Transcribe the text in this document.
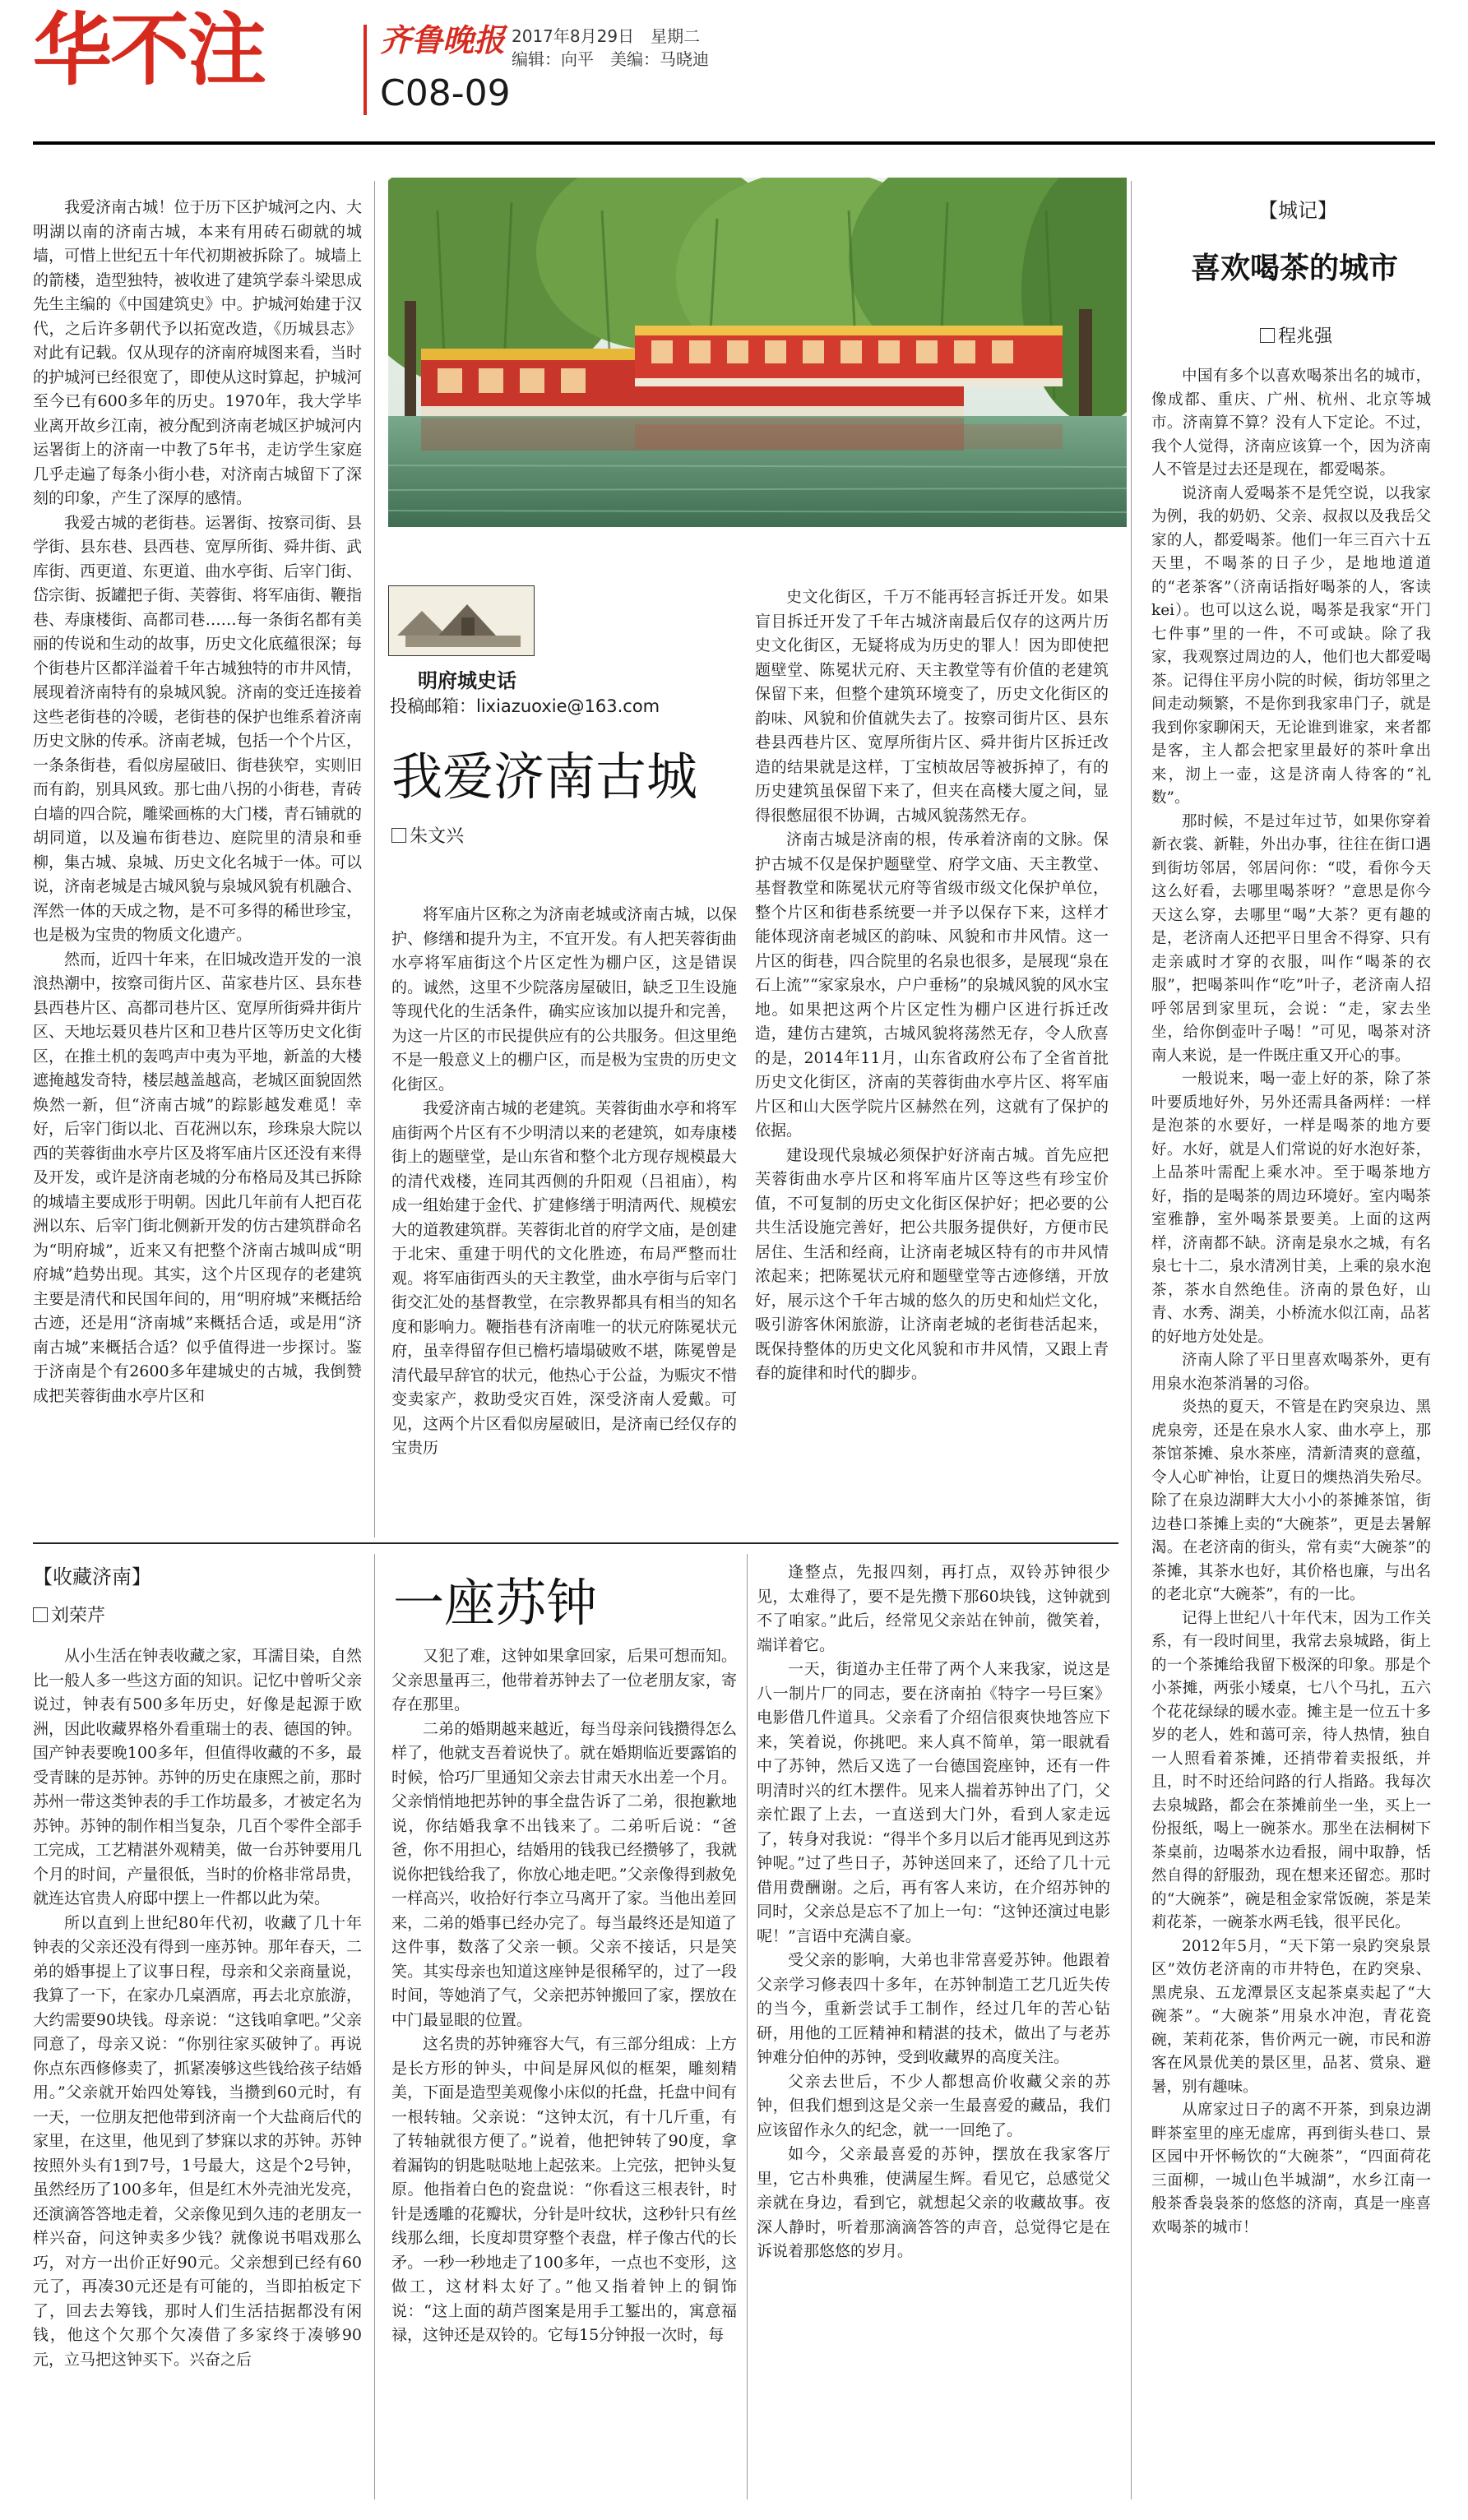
华不注	齐鲁晚报 2017年8月29日　星期二
编辑：向平　美编：马晓迪
C08-09
明府城史话
投稿邮箱：lixiazuoxie@163.com
我爱济南古城
朱文兴

我爱济南古城！位于历下区护城河之内、大明湖以南的济南古城，本来有用砖石砌就的城墙，可惜上世纪五十年代初期被拆除了。城墙上的箭楼，造型独特，被收进了建筑学泰斗梁思成先生主编的《中国建筑史》中。护城河始建于汉代，之后许多朝代予以拓宽改造，《历城县志》对此有记载。仅从现存的济南府城图来看，当时的护城河已经很宽了，即使从这时算起，护城河至今已有600多年的历史。1970年，我大学毕业离开故乡江南，被分配到济南老城区护城河内运署街上的济南一中教了5年书，走访学生家庭几乎走遍了每条小街小巷，对济南古城留下了深刻的印象，产生了深厚的感情。

我爱古城的老街巷。运署街、按察司街、县学街、县东巷、县西巷、宽厚所街、舜井街、武库街、西更道、东更道、曲水亭街、后宰门街、岱宗街、扳罐把子街、芙蓉街、将军庙街、鞭指巷、寿康楼街、高都司巷……每一条街名都有美丽的传说和生动的故事，历史文化底蕴很深；每个街巷片区都洋溢着千年古城独特的市井风情，展现着济南特有的泉城风貌。济南的变迁连接着这些老街巷的冷暖，老街巷的保护也维系着济南历史文脉的传承。济南老城，包括一个个片区，一条条街巷，看似房屋破旧、街巷狭窄，实则旧而有韵，别具风致。那七曲八拐的小街巷，青砖白墙的四合院，雕梁画栋的大门楼，青石铺就的胡同道，以及遍布街巷边、庭院里的清泉和垂柳，集古城、泉城、历史文化名城于一体。可以说，济南老城是古城风貌与泉城风貌有机融合、浑然一体的天成之物，是不可多得的稀世珍宝，也是极为宝贵的物质文化遗产。

然而，近四十年来，在旧城改造开发的一浪浪热潮中，按察司街片区、苗家巷片区、县东巷县西巷片区、高都司巷片区、宽厚所街舜井街片区、天地坛聂贝巷片区和卫巷片区等历史文化街区，在推土机的轰鸣声中夷为平地，新盖的大楼遮掩越发奇特，楼层越盖越高，老城区面貌固然焕然一新，但“济南古城”的踪影越发难觅！幸好，后宰门街以北、百花洲以东，珍珠泉大院以西的芙蓉街曲水亭片区及将军庙片区还没有来得及开发，或许是济南老城的分布格局及其已拆除的城墙主要成形于明朝。因此几年前有人把百花洲以东、后宰门街北侧新开发的仿古建筑群命名为“明府城”，近来又有把整个济南古城叫成“明府城”趋势出现。其实，这个片区现存的老建筑主要是清代和民国年间的，用“明府城”来概括给古迹，还是用“济南城”来概括合适，或是用“济南古城”来概括合适？似乎值得进一步探讨。鉴于济南是个有2600多年建城史的古城，我倒赞成把芙蓉街曲水亭片区和

将军庙片区称之为济南老城或济南古城，以保护、修缮和提升为主，不宜开发。有人把芙蓉街曲水亭将军庙街这个片区定性为棚户区，这是错误的。诚然，这里不少院落房屋破旧，缺乏卫生设施等现代化的生活条件，确实应该加以提升和完善，为这一片区的市民提供应有的公共服务。但这里绝不是一般意义上的棚户区，而是极为宝贵的历史文化街区。

我爱济南古城的老建筑。芙蓉街曲水亭和将军庙街两个片区有不少明清以来的老建筑，如寿康楼街上的题壁堂，是山东省和整个北方现存规模最大的清代戏楼，连同其西侧的升阳观（吕祖庙），构成一组始建于金代、扩建修缮于明清两代、规模宏大的道教建筑群。芙蓉街北首的府学文庙，是创建于北宋、重建于明代的文化胜迹，布局严整而壮观。将军庙街西头的天主教堂，曲水亭街与后宰门街交汇处的基督教堂，在宗教界都具有相当的知名度和影响力。鞭指巷有济南唯一的状元府陈冕状元府，虽幸得留存但已檐朽墙塌破败不堪，陈冕曾是清代最早辞官的状元，他热心于公益，为赈灾不惜变卖家产，救助受灾百姓，深受济南人爱戴。可见，这两个片区看似房屋破旧，是济南已经仅存的宝贵历

史文化街区，千万不能再轻言拆迁开发。如果盲目拆迁开发了千年古城济南最后仅存的这两片历史文化街区，无疑将成为历史的罪人！因为即使把题壁堂、陈冕状元府、天主教堂等有价值的老建筑保留下来，但整个建筑环境变了，历史文化街区的韵味、风貌和价值就失去了。按察司街片区、县东巷县西巷片区、宽厚所街片区、舜井街片区拆迁改造的结果就是这样，丁宝桢故居等被拆掉了，有的历史建筑虽保留下来了，但夹在高楼大厦之间，显得很憋屈很不协调，古城风貌荡然无存。

济南古城是济南的根，传承着济南的文脉。保护古城不仅是保护题壁堂、府学文庙、天主教堂、基督教堂和陈冕状元府等省级市级文化保护单位，整个片区和街巷系统要一并予以保存下来，这样才能体现济南老城区的韵味、风貌和市井风情。这一片区的街巷，四合院里的名泉也很多，是展现“泉在石上流”“家家泉水，户户垂杨”的泉城风貌的风水宝地。如果把这两个片区定性为棚户区进行拆迁改造，建仿古建筑，古城风貌将荡然无存，令人欣喜的是，2014年11月，山东省政府公布了全省首批历史文化街区，济南的芙蓉街曲水亭片区、将军庙片区和山大医学院片区赫然在列，这就有了保护的依据。

建设现代泉城必须保护好济南古城。首先应把芙蓉街曲水亭片区和将军庙片区等这些有珍宝价值，不可复制的历史文化街区保护好；把必要的公共生活设施完善好，把公共服务提供好，方便市民居住、生活和经商，让济南老城区特有的市井风情浓起来；把陈冕状元府和题壁堂等古迹修缮，开放好，展示这个千年古城的悠久的历史和灿烂文化，吸引游客休闲旅游，让济南老城的老街巷活起来，既保持整体的历史文化风貌和市井风情，又跟上青春的旋律和时代的脚步。

【城记】
喜欢喝茶的城市
程兆强

中国有多个以喜欢喝茶出名的城市，像成都、重庆、广州、杭州、北京等城市。济南算不算？没有人下定论。不过，我个人觉得，济南应该算一个，因为济南人不管是过去还是现在，都爱喝茶。

说济南人爱喝茶不是凭空说，以我家为例，我的奶奶、父亲、叔叔以及我岳父家的人，都爱喝茶。他们一年三百六十五天里，不喝茶的日子少，是地地道道的“老茶客”（济南话指好喝茶的人，客读kei）。也可以这么说，喝茶是我家“开门七件事”里的一件，不可或缺。除了我家，我观察过周边的人，他们也大都爱喝茶。记得住平房小院的时候，街坊邻里之间走动频繁，不是你到我家串门子，就是我到你家聊闲天，无论谁到谁家，来者都是客，主人都会把家里最好的茶叶拿出来，沏上一壶，这是济南人待客的“礼数”。

那时候，不是过年过节，如果你穿着新衣裳、新鞋，外出办事，往往在街口遇到街坊邻居，邻居问你：“哎，看你今天这么好看，去哪里喝茶呀？”意思是你今天这么穿，去哪里“喝”大茶？更有趣的是，老济南人还把平日里舍不得穿、只有走亲戚时才穿的衣服，叫作“喝茶的衣服”，把喝茶叫作“吃”叶子，老济南人招呼邻居到家里玩，会说：“走，家去坐坐，给你倒壶叶子喝！”可见，喝茶对济南人来说，是一件既庄重又开心的事。

一般说来，喝一壶上好的茶，除了茶叶要质地好外，另外还需具备两样：一样是泡茶的水要好，一样是喝茶的地方要好。水好，就是人们常说的好水泡好茶，上品茶叶需配上乘水冲。至于喝茶地方好，指的是喝茶的周边环境好。室内喝茶室雅静，室外喝茶景要美。上面的这两样，济南都不缺。济南是泉水之城，有名泉七十二，泉水清冽甘美，上乘的泉水泡茶，茶水自然绝佳。济南的景色好，山青、水秀、湖美，小桥流水似江南，品茗的好地方处处是。

济南人除了平日里喜欢喝茶外，更有用泉水泡茶消暑的习俗。

炎热的夏天，不管是在趵突泉边、黑虎泉旁，还是在泉水人家、曲水亭上，那茶馆茶摊、泉水茶座，清新清爽的意蕴，令人心旷神怡，让夏日的燠热消失殆尽。除了在泉边湖畔大大小小的茶摊茶馆，街边巷口茶摊上卖的“大碗茶”，更是去暑解渴。在老济南的街头，常有卖“大碗茶”的茶摊，其茶水也好，其价格也廉，与出名的老北京“大碗茶”，有的一比。

记得上世纪八十年代末，因为工作关系，有一段时间里，我常去泉城路，街上的一个茶摊给我留下极深的印象。那是个小茶摊，两张小矮桌，七八个马扎，五六个花花绿绿的暖水壶。摊主是一位五十多岁的老人，姓和蔼可亲，待人热情，独自一人照看着茶摊，还捎带着卖报纸，并且，时不时还给问路的行人指路。我每次去泉城路，都会在茶摊前坐一坐，买上一份报纸，喝上一碗茶水。那坐在法桐树下茶桌前，边喝茶水边看报，闹中取静，恬然自得的舒服劲，现在想来还留恋。那时的“大碗茶”，碗是租金家常饭碗，茶是茉莉花茶，一碗茶水两毛钱，很平民化。

2012年5月，“天下第一泉趵突泉景区”效仿老济南的市井特色，在趵突泉、黑虎泉、五龙潭景区支起茶桌卖起了“大碗茶”。“大碗茶”用泉水冲泡，青花瓷碗，茉莉花茶，售价两元一碗，市民和游客在风景优美的景区里，品茗、赏泉、避暑，别有趣味。

从席家过日子的离不开茶，到泉边湖畔茶室里的座无虚席，再到街头巷口、景区园中开怀畅饮的“大碗茶”，“四面荷花三面柳，一城山色半城湖”，水乡江南一般茶香袅袅茶的悠悠的济南，真是一座喜欢喝茶的城市！

【收藏济南】
刘荣芹	一座苏钟

从小生活在钟表收藏之家，耳濡目染，自然比一般人多一些这方面的知识。记忆中曾听父亲说过，钟表有500多年历史，好像是起源于欧洲，因此收藏界格外看重瑞士的表、德国的钟。国产钟表要晚100多年，但值得收藏的不多，最受青睐的是苏钟。苏钟的历史在康熙之前，那时苏州一带这类钟表的手工作坊最多，才被定名为苏钟。苏钟的制作相当复杂，几百个零件全部手工完成，工艺精湛外观精美，做一台苏钟要用几个月的时间，产量很低，当时的价格非常昂贵，就连达官贵人府邸中摆上一件都以此为荣。

所以直到上世纪80年代初，收藏了几十年钟表的父亲还没有得到一座苏钟。那年春天，二弟的婚事提上了议事日程，母亲和父亲商量说，我算了一下，在家办几桌酒席，再去北京旅游，大约需要90块钱。母亲说：“这钱咱拿吧。”父亲同意了，母亲又说：“你别往家买破钟了。再说你点东西修修卖了，抓紧凑够这些钱给孩子结婚用。”父亲就开始四处筹钱，当攒到60元时，有一天，一位朋友把他带到济南一个大盐商后代的家里，在这里，他见到了梦寐以求的苏钟。苏钟按照外头有1到7号，1号最大，这是个2号钟，虽然经历了100多年，但是红木外壳油光发亮，还演滴答答地走着，父亲像见到久违的老朋友一样兴奋，问这钟卖多少钱？就像说书唱戏那么巧，对方一出价正好90元。父亲想到已经有60元了，再凑30元还是有可能的，当即拍板定下了，回去去筹钱，那时人们生活拮据都没有闲钱，他这个欠那个欠凑借了多家终于凑够90元，立马把这钟买下。兴奋之后

又犯了难，这钟如果拿回家，后果可想而知。父亲思量再三，他带着苏钟去了一位老朋友家，寄存在那里。

二弟的婚期越来越近，每当母亲问钱攒得怎么样了，他就支吾着说快了。就在婚期临近要露馅的时候，恰巧厂里通知父亲去甘肃天水出差一个月。父亲悄悄地把苏钟的事全盘告诉了二弟，很抱歉地说，你结婚我拿不出钱来了。二弟听后说：“爸爸，你不用担心，结婚用的钱我已经攒够了，我就说你把钱给我了，你放心地走吧。”父亲像得到赦免一样高兴，收拾好行李立马离开了家。当他出差回来，二弟的婚事已经办完了。每当最终还是知道了这件事，数落了父亲一顿。父亲不接话，只是笑笑。其实母亲也知道这座钟是很稀罕的，过了一段时间，等她消了气，父亲把苏钟搬回了家，摆放在中门最显眼的位置。

这名贵的苏钟雍容大气，有三部分组成：上方是长方形的钟头，中间是屏风似的框架，雕刻精美，下面是造型美观像小床似的托盘，托盘中间有一根转轴。父亲说：“这钟太沉，有十几斤重，有了转轴就很方便了。”说着，他把钟转了90度，拿着漏钩的钥匙哒哒地上起弦来。上完弦，把钟头复原。他指着白色的瓷盘说：“你看这三根表针，时针是透雕的花瓣状，分针是叶纹状，这秒针只有丝线那么细，长度却贯穿整个表盘，样子像古代的长矛。一秒一秒地走了100多年，一点也不变形，这做工，这材料太好了。”他又指着钟上的铜饰说：“这上面的葫芦图案是用手工錾出的，寓意福禄，这钟还是双铃的。它每15分钟报一次时，每

逢整点，先报四刻，再打点，双铃苏钟很少见，太难得了，要不是先攒下那60块钱，这钟就到不了咱家。”此后，经常见父亲站在钟前，微笑着，端详着它。

一天，街道办主任带了两个人来我家，说这是八一制片厂的同志，要在济南拍《特字一号巨案》电影借几件道具。父亲看了介绍信很爽快地答应下来，笑着说，你挑吧。来人真不简单，第一眼就看中了苏钟，然后又选了一台德国瓷座钟，还有一件明清时兴的红木摆件。见来人揣着苏钟出了门，父亲忙跟了上去，一直送到大门外，看到人家走远了，转身对我说：“得半个多月以后才能再见到这苏钟呢。”过了些日子，苏钟送回来了，还给了几十元借用费酬谢。之后，再有客人来访，在介绍苏钟的同时，父亲总是忘不了加上一句：“这钟还演过电影呢！”言语中充满自豪。

受父亲的影响，大弟也非常喜爱苏钟。他跟着父亲学习修表四十多年，在苏钟制造工艺几近失传的当今，重新尝试手工制作，经过几年的苦心钻研，用他的工匠精神和精湛的技术，做出了与老苏钟难分伯仲的苏钟，受到收藏界的高度关注。

父亲去世后，不少人都想高价收藏父亲的苏钟，但我们想到这是父亲一生最喜爱的藏品，我们应该留作永久的纪念，就一一回绝了。

如今，父亲最喜爱的苏钟，摆放在我家客厅里，它古朴典雅，使满屋生辉。看见它，总感觉父亲就在身边，看到它，就想起父亲的收藏故事。夜深人静时，听着那滴滴答答的声音，总觉得它是在诉说着那悠悠的岁月。
